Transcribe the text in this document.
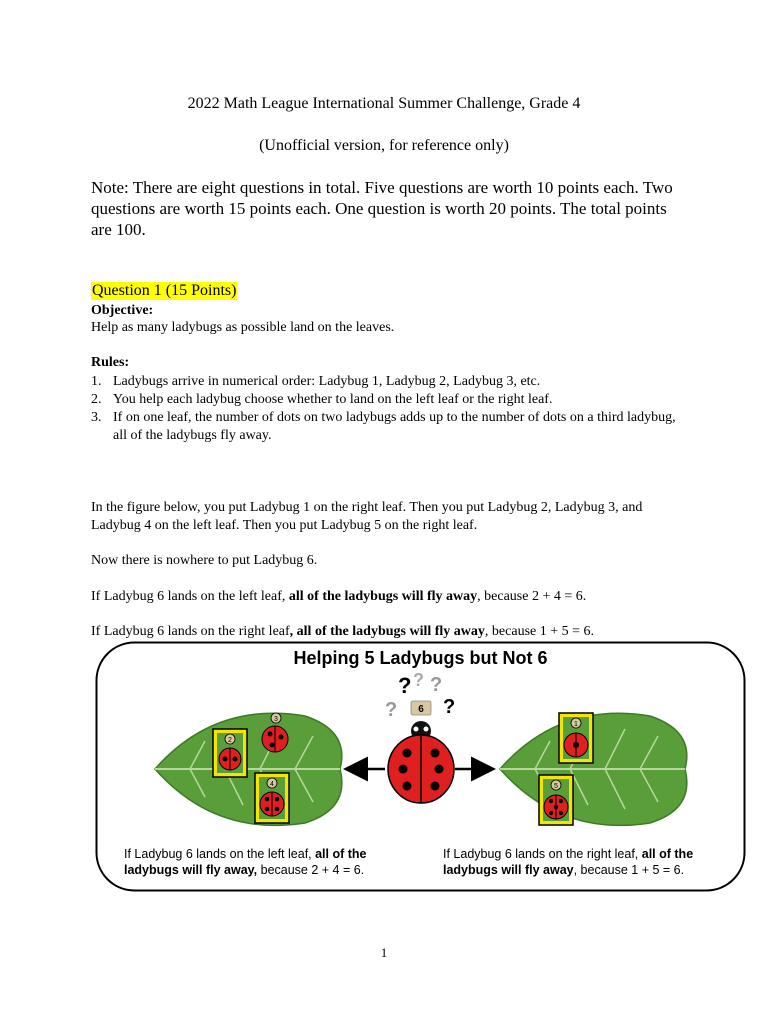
2022 Math League International Summer Challenge, Grade 4
(Unofficial version, for reference only)
Note: There are eight questions in total. Five questions are worth 10 points each. Two questions are worth 15 points each. One question is worth 20 points. The total points are 100.
Question 1 (15 Points)
Objective:
Help as many ladybugs as possible land on the leaves.
Rules:
1. Ladybugs arrive in numerical order: Ladybug 1, Ladybug 2, Ladybug 3, etc.
2. You help each ladybug choose whether to land on the left leaf or the right leaf.
3. If on one leaf, the number of dots on two ladybugs adds up to the number of dots on a third ladybug, all of the ladybugs fly away.
In the figure below, you put Ladybug 1 on the right leaf. Then you put Ladybug 2, Ladybug 3, and Ladybug 4 on the left leaf. Then you put Ladybug 5 on the right leaf.
Now there is nowhere to put Ladybug 6.
If Ladybug 6 lands on the left leaf, all of the ladybugs will fly away, because 2 + 4 = 6.
If Ladybug 6 lands on the right leaf, all of the ladybugs will fly away, because 1 + 5 = 6.
2
3
4
?
?
? ?
?
6
1
5
Helping 5 Ladybugs but Not 6
If Ladybug 6 lands on the left leaf, all of the
ladybugs will fly away, because 2 + 4 = 6.
If Ladybug 6 lands on the right leaf, all of the
ladybugs will fly away, because 1 + 5 = 6.
1
